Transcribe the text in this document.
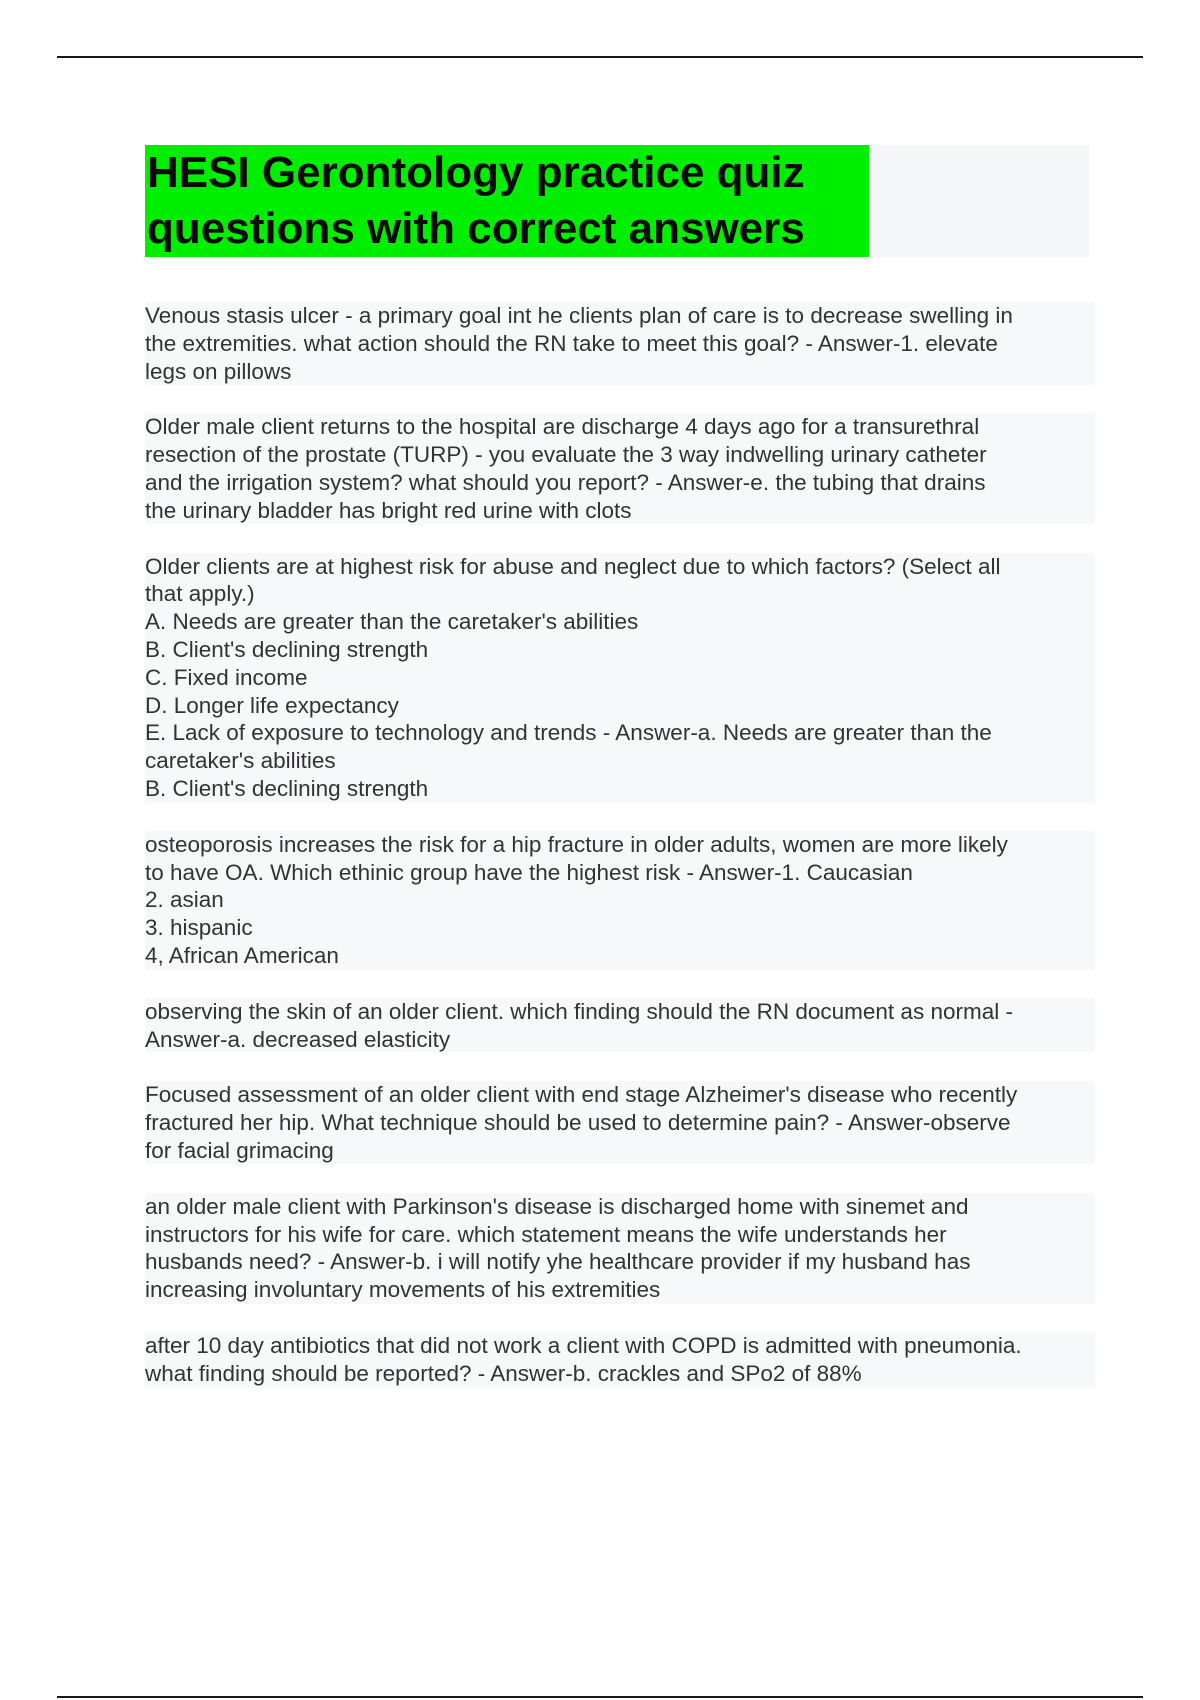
HESI Gerontology practice quiz
questions with correct answers
Venous stasis ulcer - a primary goal int he clients plan of care is to decrease swelling in
the extremities. what action should the RN take to meet this goal? - Answer-1. elevate
legs on pillows
Older male client returns to the hospital are discharge 4 days ago for a transurethral
resection of the prostate (TURP) - you evaluate the 3 way indwelling urinary catheter
and the irrigation system? what should you report? - Answer-e. the tubing that drains
the urinary bladder has bright red urine with clots
Older clients are at highest risk for abuse and neglect due to which factors? (Select all
that apply.)
A. Needs are greater than the caretaker's abilities
B. Client's declining strength
C. Fixed income
D. Longer life expectancy
E. Lack of exposure to technology and trends - Answer-a. Needs are greater than the
caretaker's abilities
B. Client's declining strength
osteoporosis increases the risk for a hip fracture in older adults, women are more likely
to have OA. Which ethinic group have the highest risk - Answer-1. Caucasian
2. asian
3. hispanic
4, African American
observing the skin of an older client. which finding should the RN document as normal -
Answer-a. decreased elasticity
Focused assessment of an older client with end stage Alzheimer's disease who recently
fractured her hip. What technique should be used to determine pain? - Answer-observe
for facial grimacing
an older male client with Parkinson's disease is discharged home with sinemet and
instructors for his wife for care. which statement means the wife understands her
husbands need? - Answer-b. i will notify yhe healthcare provider if my husband has
increasing involuntary movements of his extremities
after 10 day antibiotics that did not work a client with COPD is admitted with pneumonia.
what finding should be reported? - Answer-b. crackles and SPo2 of 88%
